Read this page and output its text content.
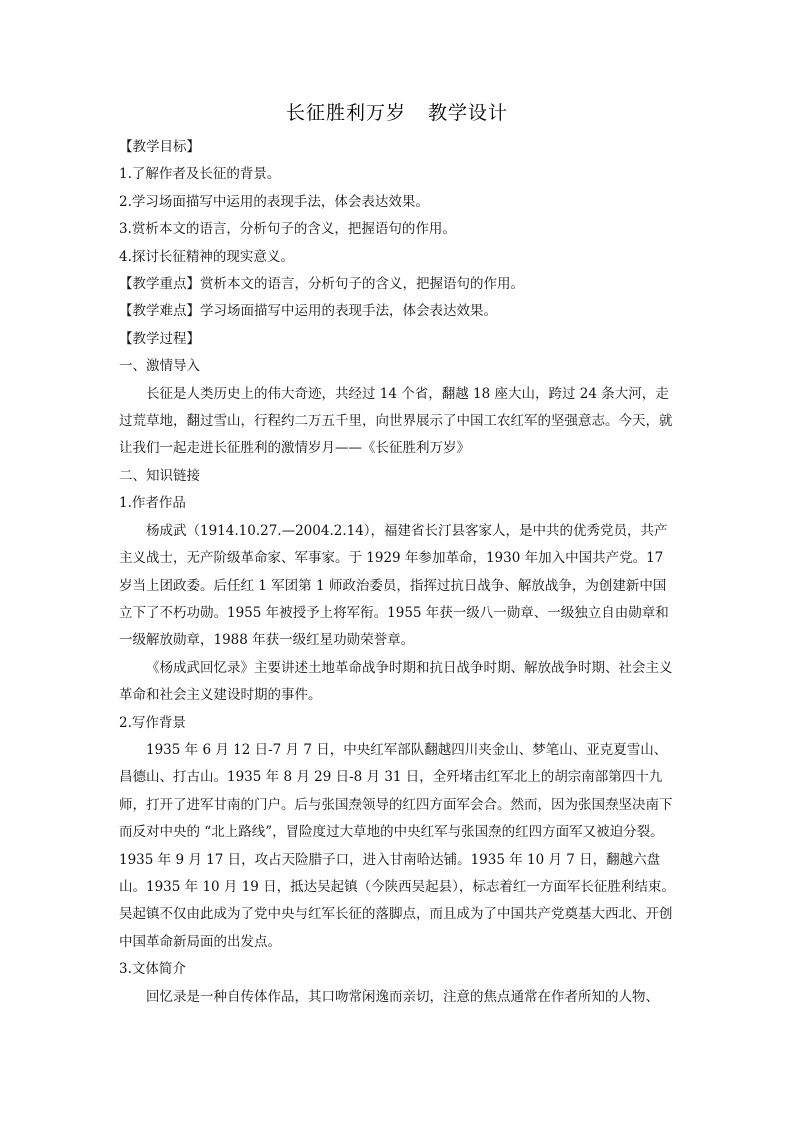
长征胜利万岁 教学设计

【教学目标】

1.了解作者及长征的背景。

2.学习场面描写中运用的表现手法，体会表达效果。

3.赏析本文的语言，分析句子的含义，把握语句的作用。

4.探讨长征精神的现实意义。

【教学重点】赏析本文的语言，分析句子的含义，把握语句的作用。

【教学难点】学习场面描写中运用的表现手法，体会表达效果。

【教学过程】

一、激情导入

长征是人类历史上的伟大奇迹，共经过 14 个省，翻越 18 座大山，跨过 24 条大河，走过荒草地，翻过雪山，行程约二万五千里，向世界展示了中国工农红军的坚强意志。今天，就让我们一起走进长征胜利的激情岁月——《长征胜利万岁》

二、知识链接

1.作者作品

杨成武（1914.10.27.—2004.2.14），福建省长汀县客家人，是中共的优秀党员，共产主义战士，无产阶级革命家、军事家。于 1929 年参加革命，1930 年加入中国共产党。17 岁当上团政委。后任红 1 军团第 1 师政治委员，指挥过抗日战争、解放战争，为创建新中国立下了不朽功勋。1955 年被授予上将军衔。1955 年获一级八一勋章、一级独立自由勋章和一级解放勋章，1988 年获一级红星功勋荣誉章。

《杨成武回忆录》主要讲述土地革命战争时期和抗日战争时期、解放战争时期、社会主义革命和社会主义建设时期的事件。

2.写作背景

1935 年 6 月 12 日-7 月 7 日，中央红军部队翻越四川夹金山、梦笔山、亚克夏雪山、昌德山、打古山。1935 年 8 月 29 日-8 月 31 日，全歼堵击红军北上的胡宗南部第四十九师，打开了进军甘南的门户。后与张国焘领导的红四方面军会合。然而，因为张国焘坚决南下而反对中央的 “北上路线”，冒险度过大草地的中央红军与张国焘的红四方面军又被迫分裂。1935 年 9 月 17 日，攻占天险腊子口，进入甘南哈达铺。1935 年 10 月 7 日，翻越六盘山。1935 年 10 月 19 日，抵达吴起镇（今陕西吴起县），标志着红一方面军长征胜利结束。吴起镇不仅由此成为了党中央与红军长征的落脚点，而且成为了中国共产党奠基大西北、开创中国革命新局面的出发点。

3.文体简介

回忆录是一种自传体作品，其口吻常闲逸而亲切，注意的焦点通常在作者所知的人物、
